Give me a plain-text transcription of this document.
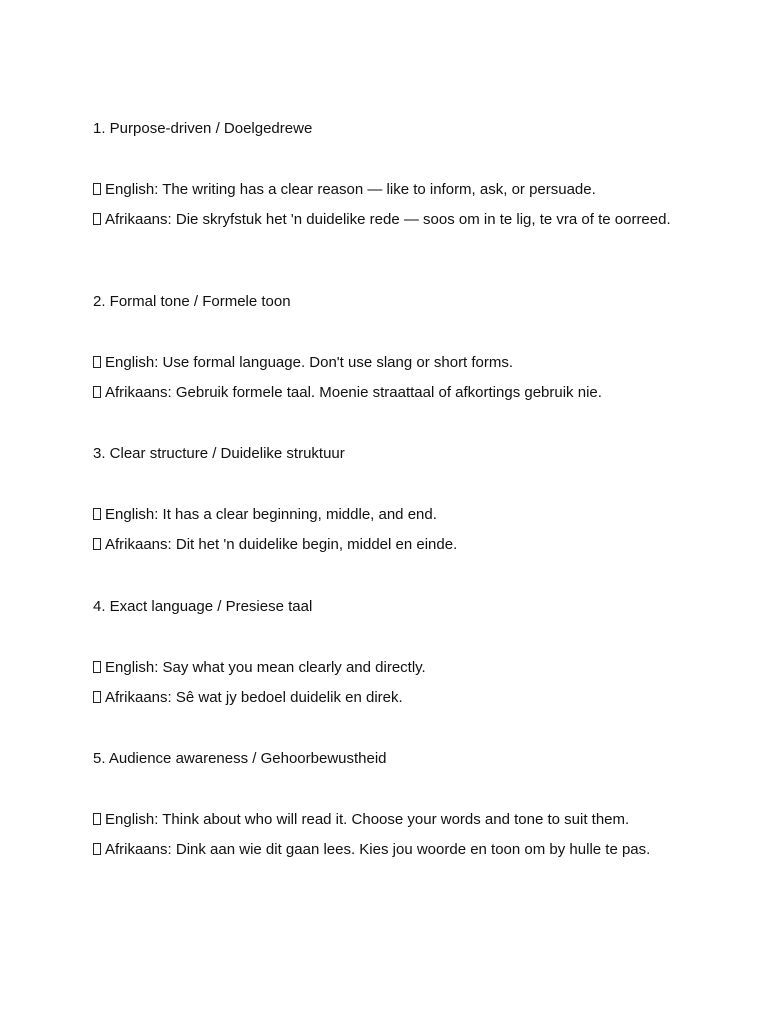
1. Purpose-driven / Doelgedrewe

English: The writing has a clear reason — like to inform, ask, or persuade.

Afrikaans: Die skryfstuk het 'n duidelike rede — soos om in te lig, te vra of te oorreed.

2. Formal tone / Formele toon

English: Use formal language. Don't use slang or short forms.

Afrikaans: Gebruik formele taal. Moenie straattaal of afkortings gebruik nie.

3. Clear structure / Duidelike struktuur

English: It has a clear beginning, middle, and end.

Afrikaans: Dit het 'n duidelike begin, middel en einde.

4. Exact language / Presiese taal

English: Say what you mean clearly and directly.

Afrikaans: Sê wat jy bedoel duidelik en direk.

5. Audience awareness / Gehoorbewustheid

English: Think about who will read it. Choose your words and tone to suit them.

Afrikaans: Dink aan wie dit gaan lees. Kies jou woorde en toon om by hulle te pas.
